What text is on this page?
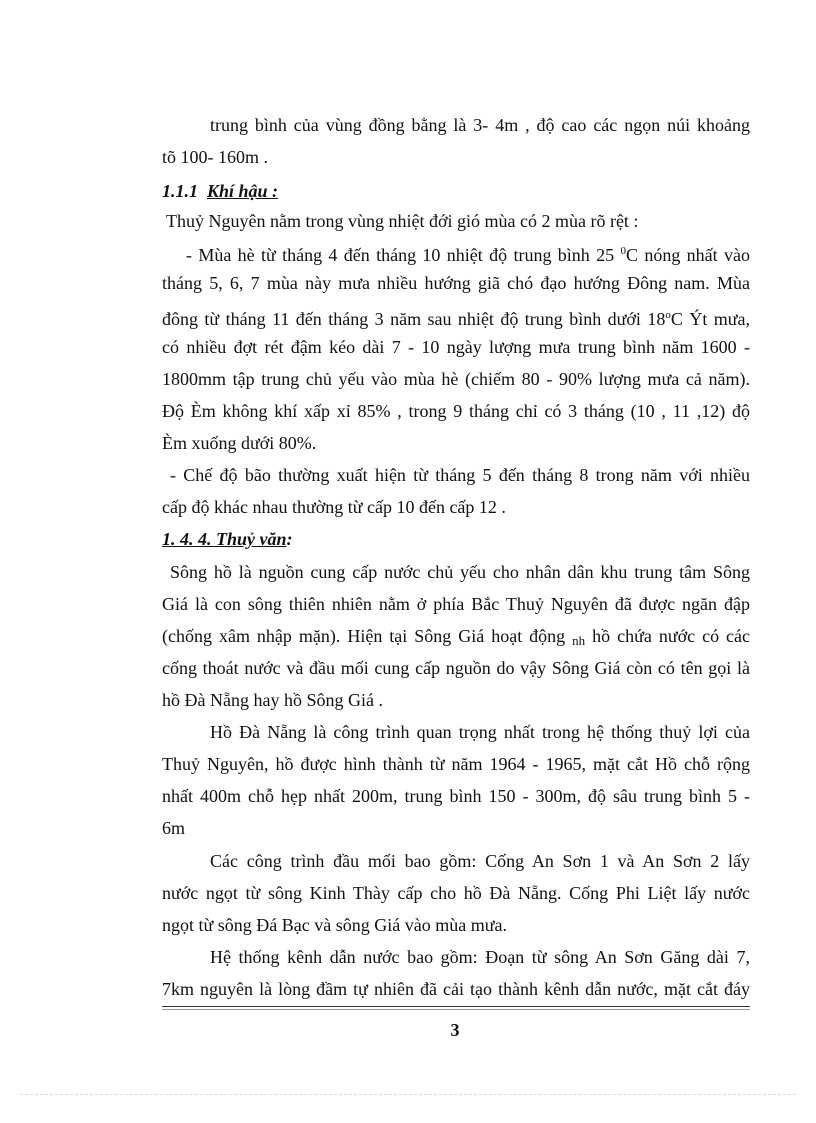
trung bình của vùng đồng bằng là 3- 4m , độ cao các ngọn núi khoảng
tõ 100- 160m .
1.1.1 Khí hậu :
Thuỷ Nguyên nằm trong vùng nhiệt đới gió mùa có 2 mùa rõ rệt :
- Mùa hè từ tháng 4 đến tháng 10 nhiệt độ trung bình 25 $^0$C nóng nhất vào
tháng 5, 6, 7 mùa này mưa nhiều hướng giã chó đạo hướng Đông nam. Mùa
đông từ tháng 11 đến tháng 3 năm sau nhiệt độ trung bình dưới 18$^o$C Ýt mưa,
có nhiều đợt rét đậm kéo dài 7 - 10 ngày lượng mưa trung bình năm 1600 -
1800mm tập trung chủ yếu vào mùa hè (chiếm 80 - 90% lượng mưa cả năm).
Độ Èm không khí xấp xỉ 85% , trong 9 tháng chỉ có 3 tháng (10 , 11 ,12) độ
Èm xuống dưới 80%.
- Chế độ bão thường xuất hiện từ tháng 5 đến tháng 8 trong năm với nhiều
cấp độ khác nhau thường từ cấp 10 đến cấp 12 .
1. 4. 4. Thuỷ văn:
Sông hồ là nguồn cung cấp nước chủ yếu cho nhân dân khu trung tâm Sông
Giá là con sông thiên nhiên nằm ở phía Bắc Thuỷ Nguyên đã được ngăn đập
(chống xâm nhập mặn). Hiện tại Sông Giá hoạt động nh hồ chứa nước có các
cống thoát nước và đầu mối cung cấp nguồn do vậy Sông Giá còn có tên gọi là
hồ Đà Nẵng hay hồ Sông Giá .
Hồ Đà Nẵng là công trình quan trọng nhất trong hệ thống thuỷ lợi của
Thuỷ Nguyên, hồ được hình thành từ năm 1964 - 1965, mặt cắt Hồ chỗ rộng
nhất 400m chỗ hẹp nhất 200m, trung bình 150 - 300m, độ sâu trung bình 5 -
6m
Các công trình đầu mối bao gồm: Cống An Sơn 1 và An Sơn 2 lấy
nước ngọt từ sông Kinh Thày cấp cho hồ Đà Nẵng. Cống Phi Liệt lấy nước
ngọt từ sông Đá Bạc và sông Giá vào mùa mưa.
Hệ thống kênh dẫn nước bao gồm: Đoạn từ sông An Sơn Găng dài 7,
7km nguyên là lòng đầm tự nhiên đã cải tạo thành kênh dẫn nước, mặt cắt đáy
3
